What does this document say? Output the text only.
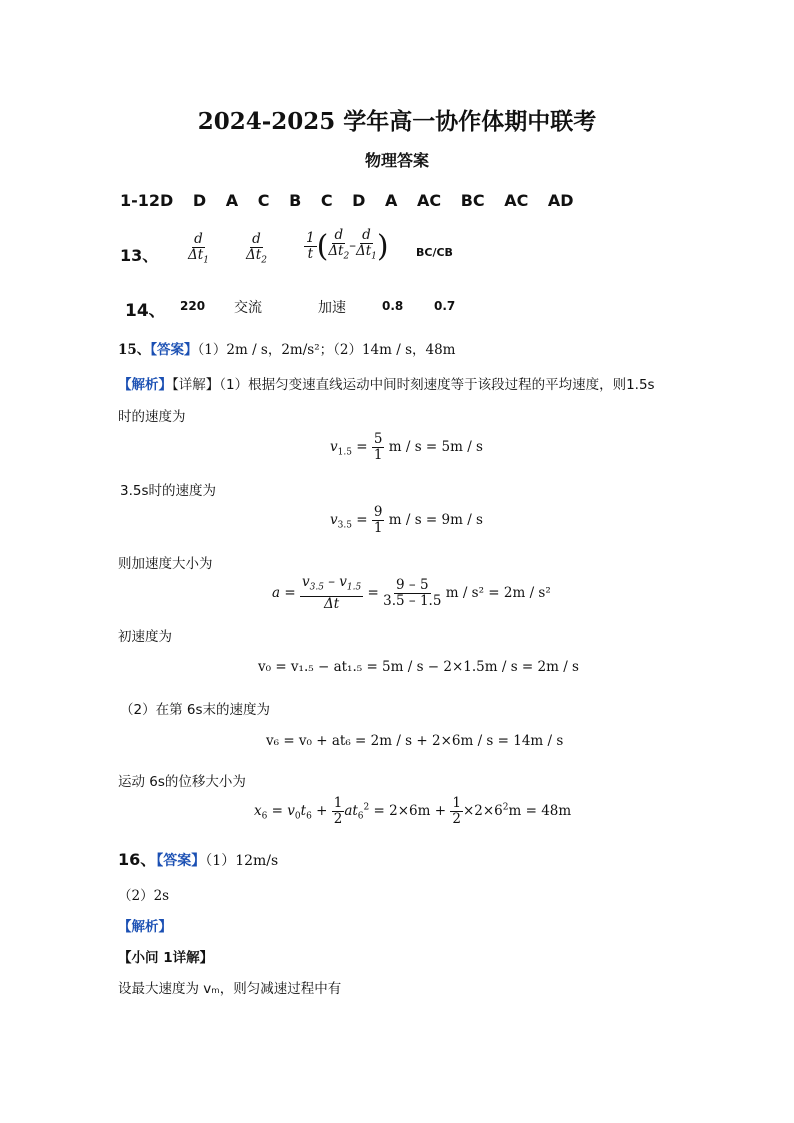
2024-2025 学年高一协作体期中联考
物理答案
1-12D D A C B C D A AC BC AC AD
13、 $\frac{d}{\Delta t_1}$	$\frac{d}{\Delta t_2}$	$\frac{1}{t}$ ( $\frac{d}{\Delta t_2} - \frac{d}{\Delta t_1}$ ) BC/CB
14、 220 交流	加速	0.8	0.7
15、【答案】（1）2m / s，2m/s²；（2）14m / s，48m
【解析】【详解】（1）根据匀变速直线运动中间时刻速度等于该段过程的平均速度，则1.5s
时的速度为
$v_{1.5} = \frac{5}{1}$ m / s = 5m / s
3.5s时的速度为
$v_{3.5} = \frac{9}{1}$ m / s = 9m / s
则加速度大小为
$a = \frac{v_{3.5} - v_{1.5}}{\Delta t} = \frac{9 - 5}{3.5 - 1.5}$ m / s² = 2m / s²
初速度为
v₀ = v₁.₅ − at₁.₅ = 5m / s − 2×1.5m / s = 2m / s
（2）在第 6s末的速度为
v₆ = v₀ + at₆ = 2m / s + 2×6m / s = 14m / s
运动 6s的位移大小为
$x_6 = v_0t_6 + \frac{1}{2} at_6^2 = 2\times 6m + \frac{1}{2} \times 2\times 6^2m = 48m$
16、【答案】（1）12m/s
（2）2s
【解析】
【小问 1详解】
设最大速度为 vₘ，则匀减速过程中有
